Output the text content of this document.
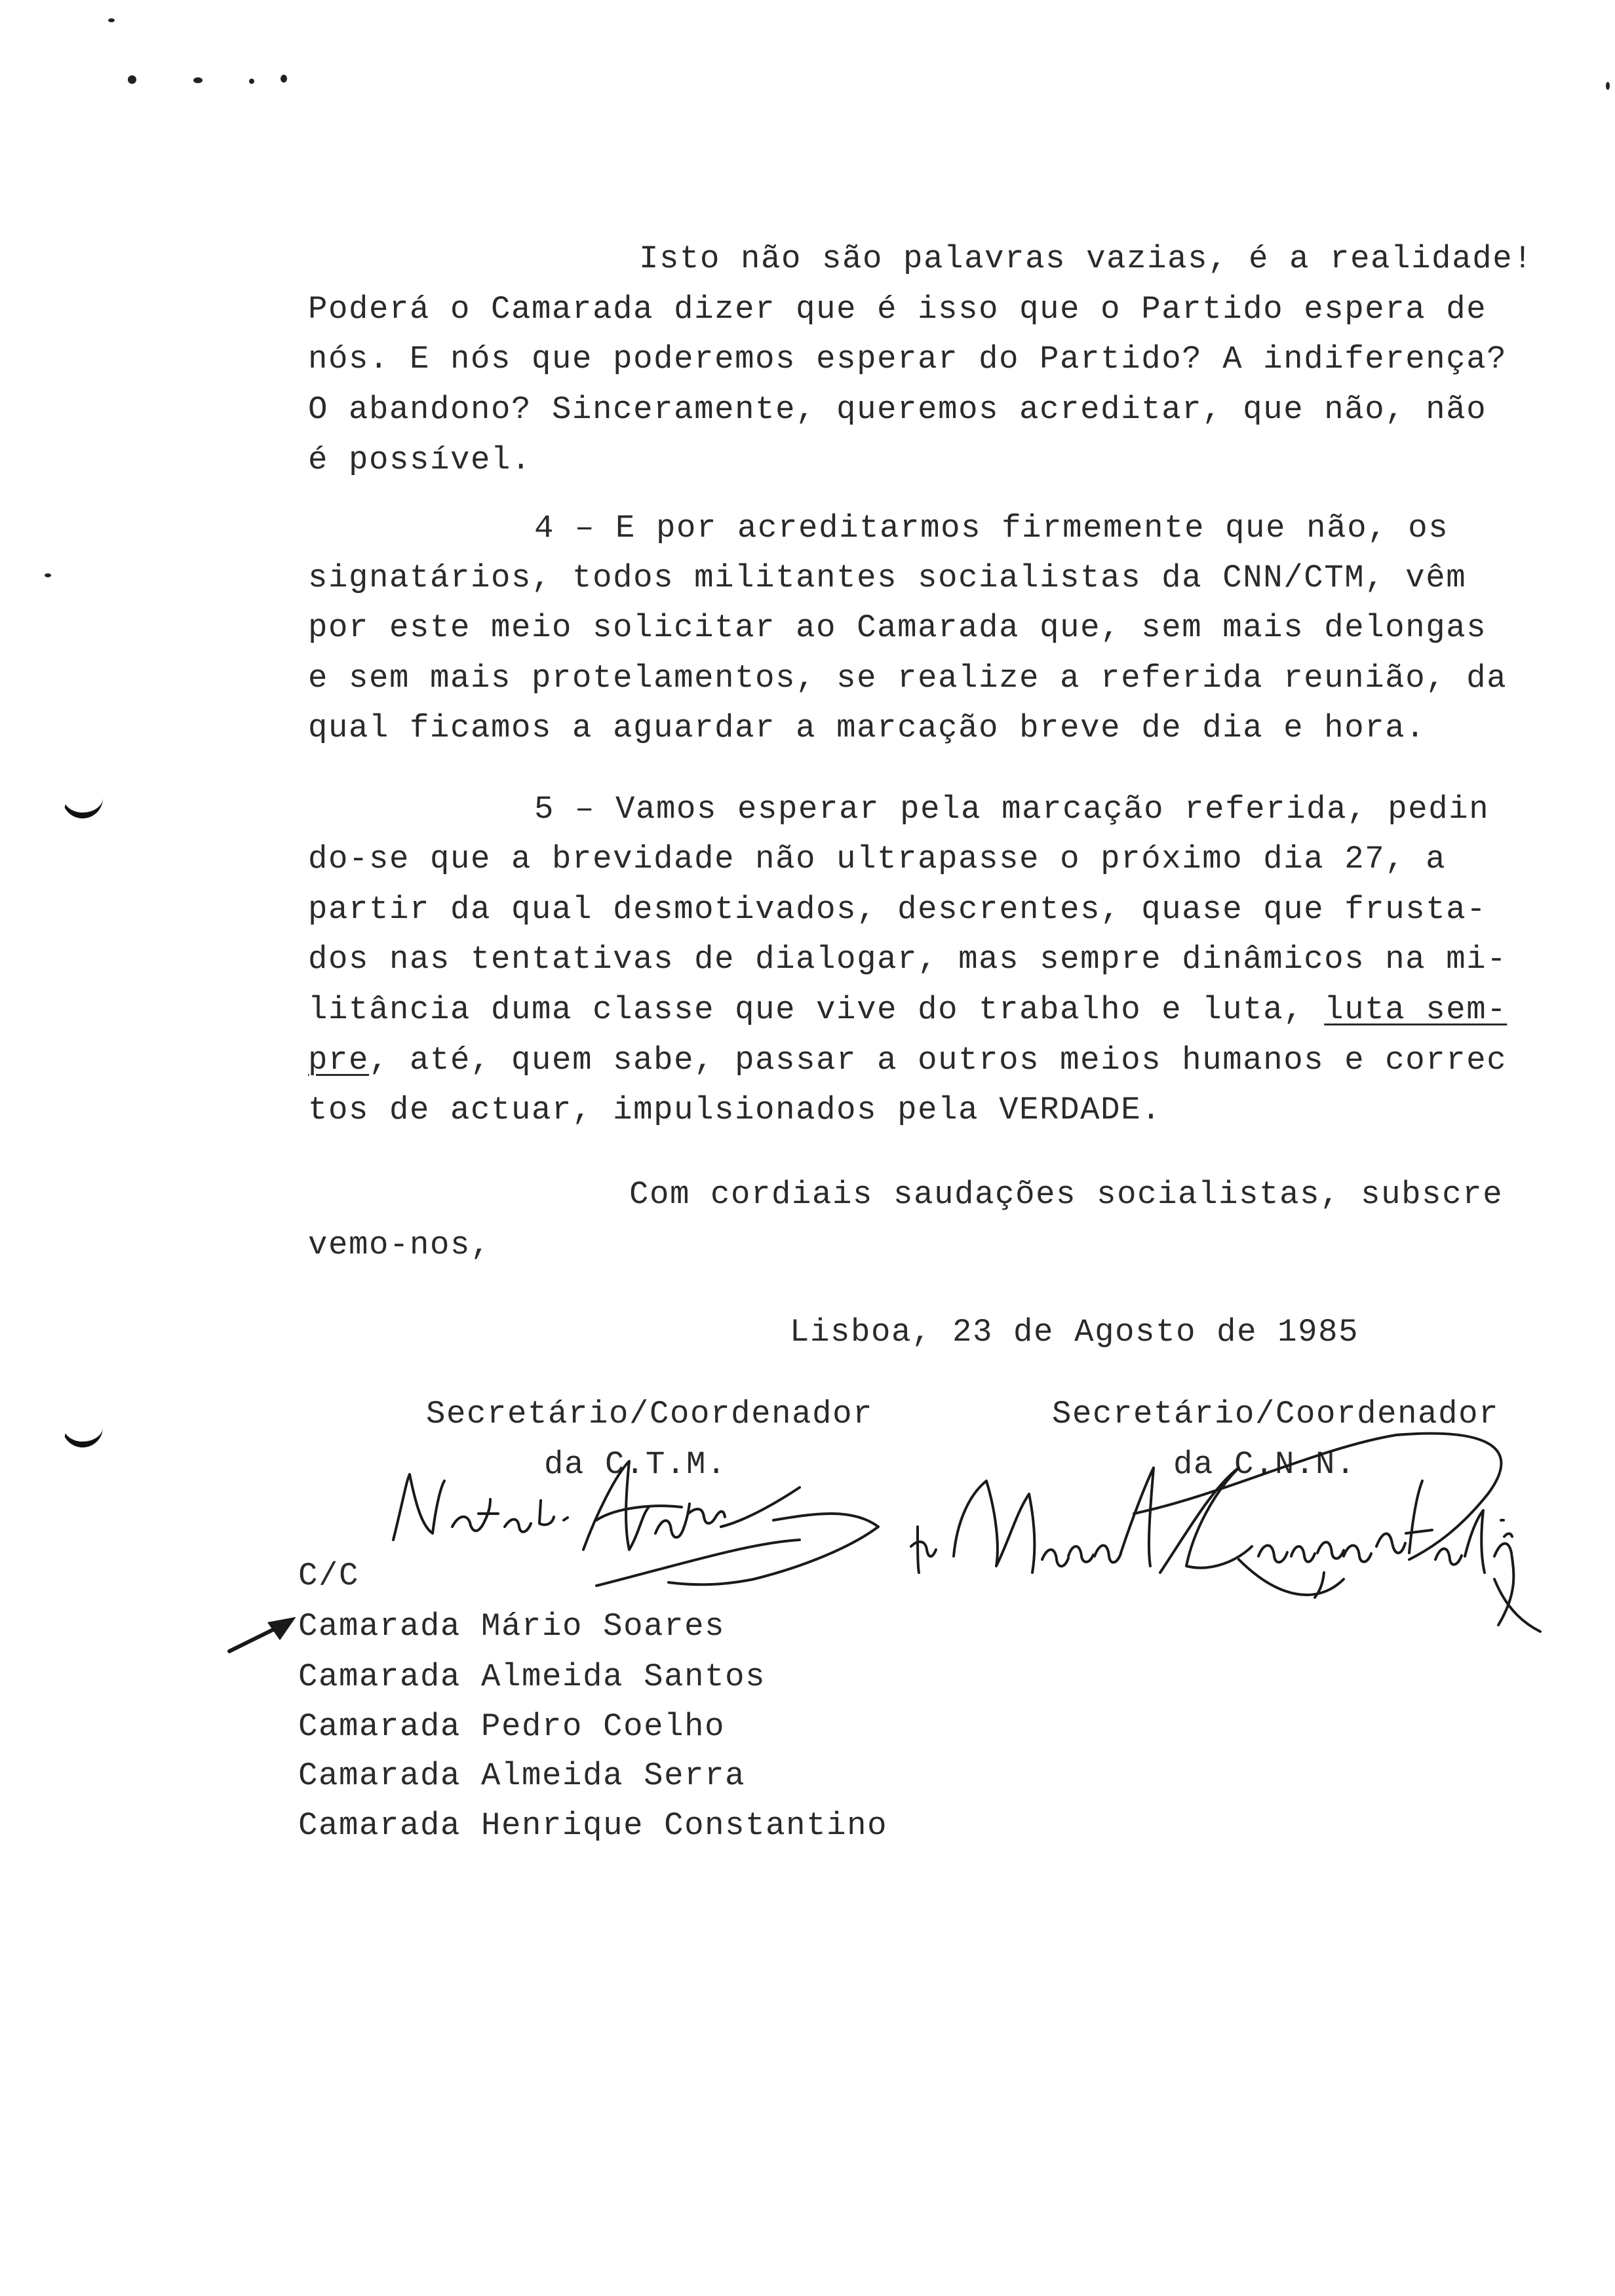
Isto não são palavras vazias, é a realidade!
Poderá o Camarada dizer que é isso que o Partido espera de
nós. E nós que poderemos esperar do Partido? A indiferença?
O abandono? Sinceramente, queremos acreditar, que não, não
é possível.
4 – E por acreditarmos firmemente que não, os
signatários, todos militantes socialistas da CNN/CTM, vêm
por este meio solicitar ao Camarada que, sem mais delongas
e sem mais protelamentos, se realize a referida reunião, da
qual ficamos a aguardar a marcação breve de dia e hora.
5 – Vamos esperar pela marcação referida, pedin
do-se que a brevidade não ultrapasse o próximo dia 27, a
partir da qual desmotivados, descrentes, quase que frusta-
dos nas tentativas de dialogar, mas sempre dinâmicos na mi-
litância duma classe que vive do trabalho e luta, luta sem-
pre, até, quem sabe, passar a outros meios humanos e correc
tos de actuar, impulsionados pela VERDADE.
Com cordiais saudações socialistas, subscre
vemo-nos,
Lisboa, 23 de Agosto de 1985
Secretário/Coordenador
da C.T.M.
Secretário/Coordenador
da C.N.N.
C/C
Camarada Mário Soares
Camarada Almeida Santos
Camarada Pedro Coelho
Camarada Almeida Serra
Camarada Henrique Constantino
